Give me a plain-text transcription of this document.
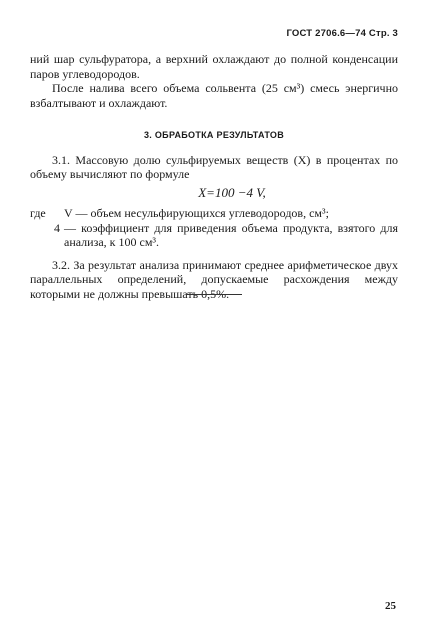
ГОСТ 2706.6—74 Стр. 3

ний шар сульфуратора, а верхний охлаждают до полной конденсации паров углеводородов.

После налива всего объема сольвента (25 см³) смесь энергично взбалтывают и охлаждают.

3. ОБРАБОТКА РЕЗУЛЬТАТОВ

3.1. Массовую долю сульфируемых веществ (X) в процентах по объему вычисляют по формуле

X=100 −4 V,
где	V — объем несульфирующихся углеводородов, см³;
4 — коэффициент для приведения объема продукта, взятого для анализа, к 100 см³.

3.2. За результат анализа принимают среднее арифметическое двух параллельных определений, допускаемые расхождения между которыми не должны превышать 0,5%.

25
